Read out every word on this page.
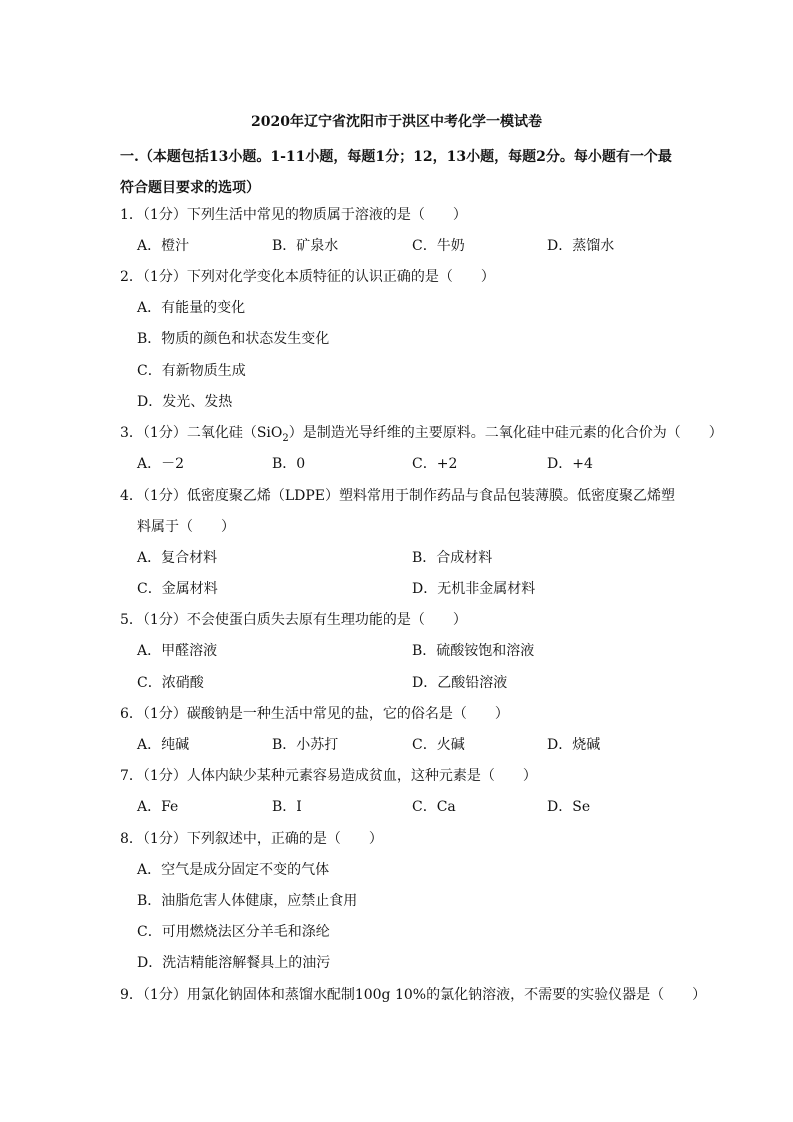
2020年辽宁省沈阳市于洪区中考化学一模试卷
一.（本题包括13小题。1-11小题，每题1分；12，13小题，每题2分。每小题有一个最符合题目要求的选项）
1．（1分）下列生活中常见的物质属于溶液的是（　　）
A．橙汁	B．矿泉水	C．牛奶	D．蒸馏水
2．（1分）下列对化学变化本质特征的认识正确的是（　　）
A．有能量的变化
B．物质的颜色和状态发生变化
C．有新物质生成
D．发光、发热
3．（1分）二氧化硅（SiO$_2$）是制造光导纤维的主要原料。二氧化硅中硅元素的化合价为（　　）
A．－2	B．0	C．+2	D．+4
4．（1分）低密度聚乙烯（LDPE）塑料常用于制作药品与食品包装薄膜。低密度聚乙烯塑
料属于（　　）
A．复合材料	B．合成材料
C．金属材料	D．无机非金属材料
5．（1分）不会使蛋白质失去原有生理功能的是（　　）
A．甲醛溶液	B．硫酸铵饱和溶液
C．浓硝酸	D．乙酸铅溶液
6．（1分）碳酸钠是一种生活中常见的盐，它的俗名是（　　）
A．纯碱	B．小苏打	C．火碱	D．烧碱
7．（1分）人体内缺少某种元素容易造成贫血，这种元素是（　　）
A．Fe	B．I	C．Ca	D．Se
8．（1分）下列叙述中，正确的是（　　）
A．空气是成分固定不变的气体
B．油脂危害人体健康，应禁止食用
C．可用燃烧法区分羊毛和涤纶
D．洗洁精能溶解餐具上的油污
9．（1分）用氯化钠固体和蒸馏水配制100g 10%的氯化钠溶液，不需要的实验仪器是（　　）
